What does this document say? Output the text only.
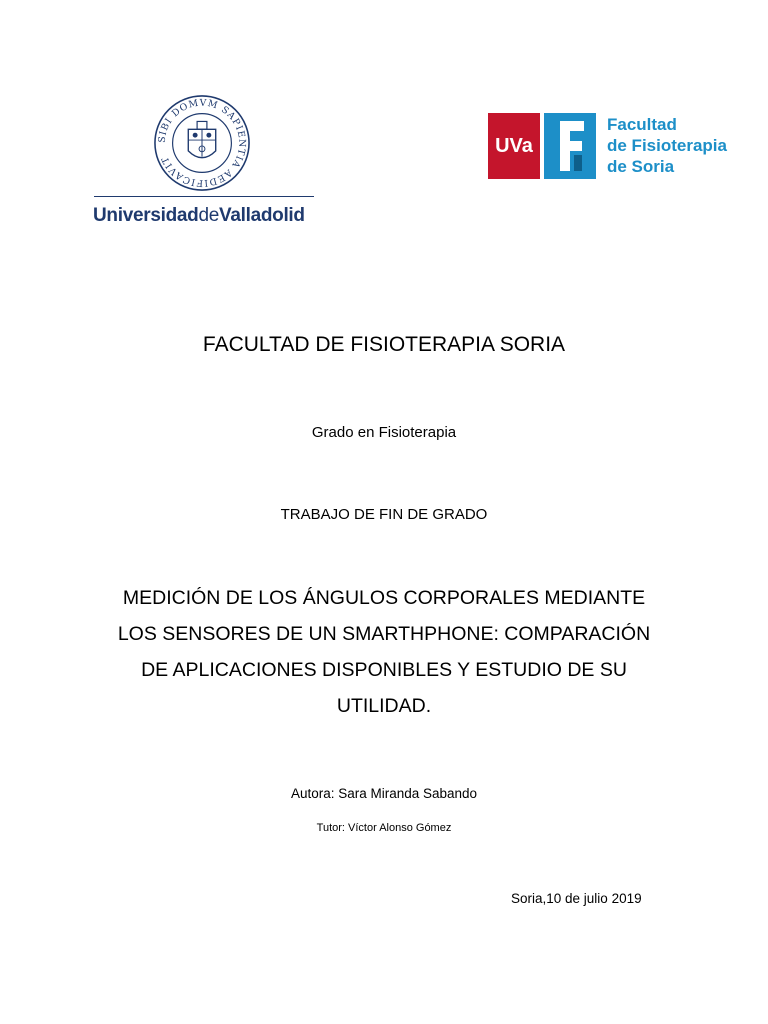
SIBI DOMVM SAPIENTIA AEDIFICAVIT
UniversidaddeValladolid
UVa
Facultad
de Fisioterapia
de Soria
FACULTAD DE FISIOTERAPIA SORIA
Grado en Fisioterapia
TRABAJO DE FIN DE GRADO
MEDICIÓN DE LOS ÁNGULOS CORPORALES MEDIANTE
LOS SENSORES DE UN SMARTHPHONE: COMPARACIÓN
DE APLICACIONES DISPONIBLES Y ESTUDIO DE SU
UTILIDAD.
Autora: Sara Miranda Sabando
Tutor: Víctor Alonso Gómez
Soria,10 de julio 2019
